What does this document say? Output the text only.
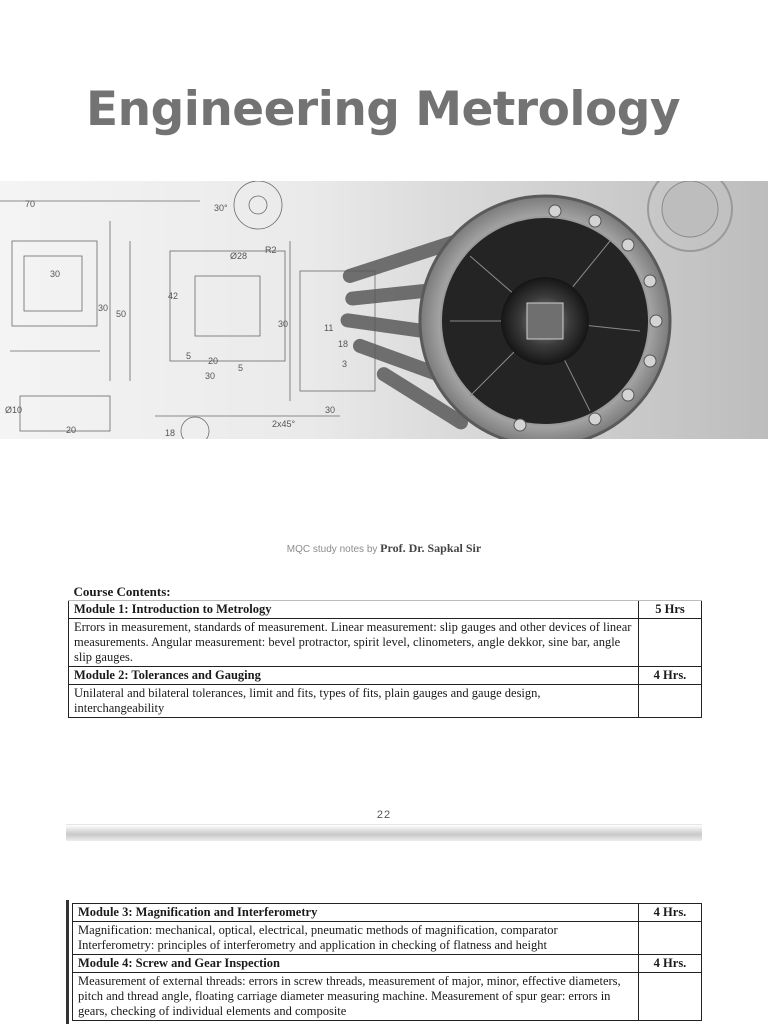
Engineering Metrology
70	30°
R2
Ø28
30
42
30
50
30
5 20
5
30
11
18
3
30
Ø10
20	18
2x45°
MQC study notes by Prof. Dr. Sapkal Sir
Course Contents:	
Module 1: Introduction to Metrology	5 Hrs
Errors in measurement, standards of measurement. Linear measurement: slip gauges and other devices of linear measurements. Angular measurement: bevel protractor, spirit level, clinometers, angle dekkor, sine bar, angle slip gauges.	
Module 2: Tolerances and Gauging	4 Hrs.
Unilateral and bilateral tolerances, limit and fits, types of fits, plain gauges and gauge design, interchangeability	
22
Module 3: Magnification and Interferometry	4 Hrs.
Magnification: mechanical, optical, electrical, pneumatic methods of magnification, comparator Interferometry: principles of interferometry and application in checking of flatness and height	
Module 4: Screw and Gear Inspection	4 Hrs.
Measurement of external threads: errors in screw threads, measurement of major, minor, effective diameters, pitch and thread angle, floating carriage diameter measuring machine. Measurement of spur gear: errors in gears, checking of individual elements and composite	
